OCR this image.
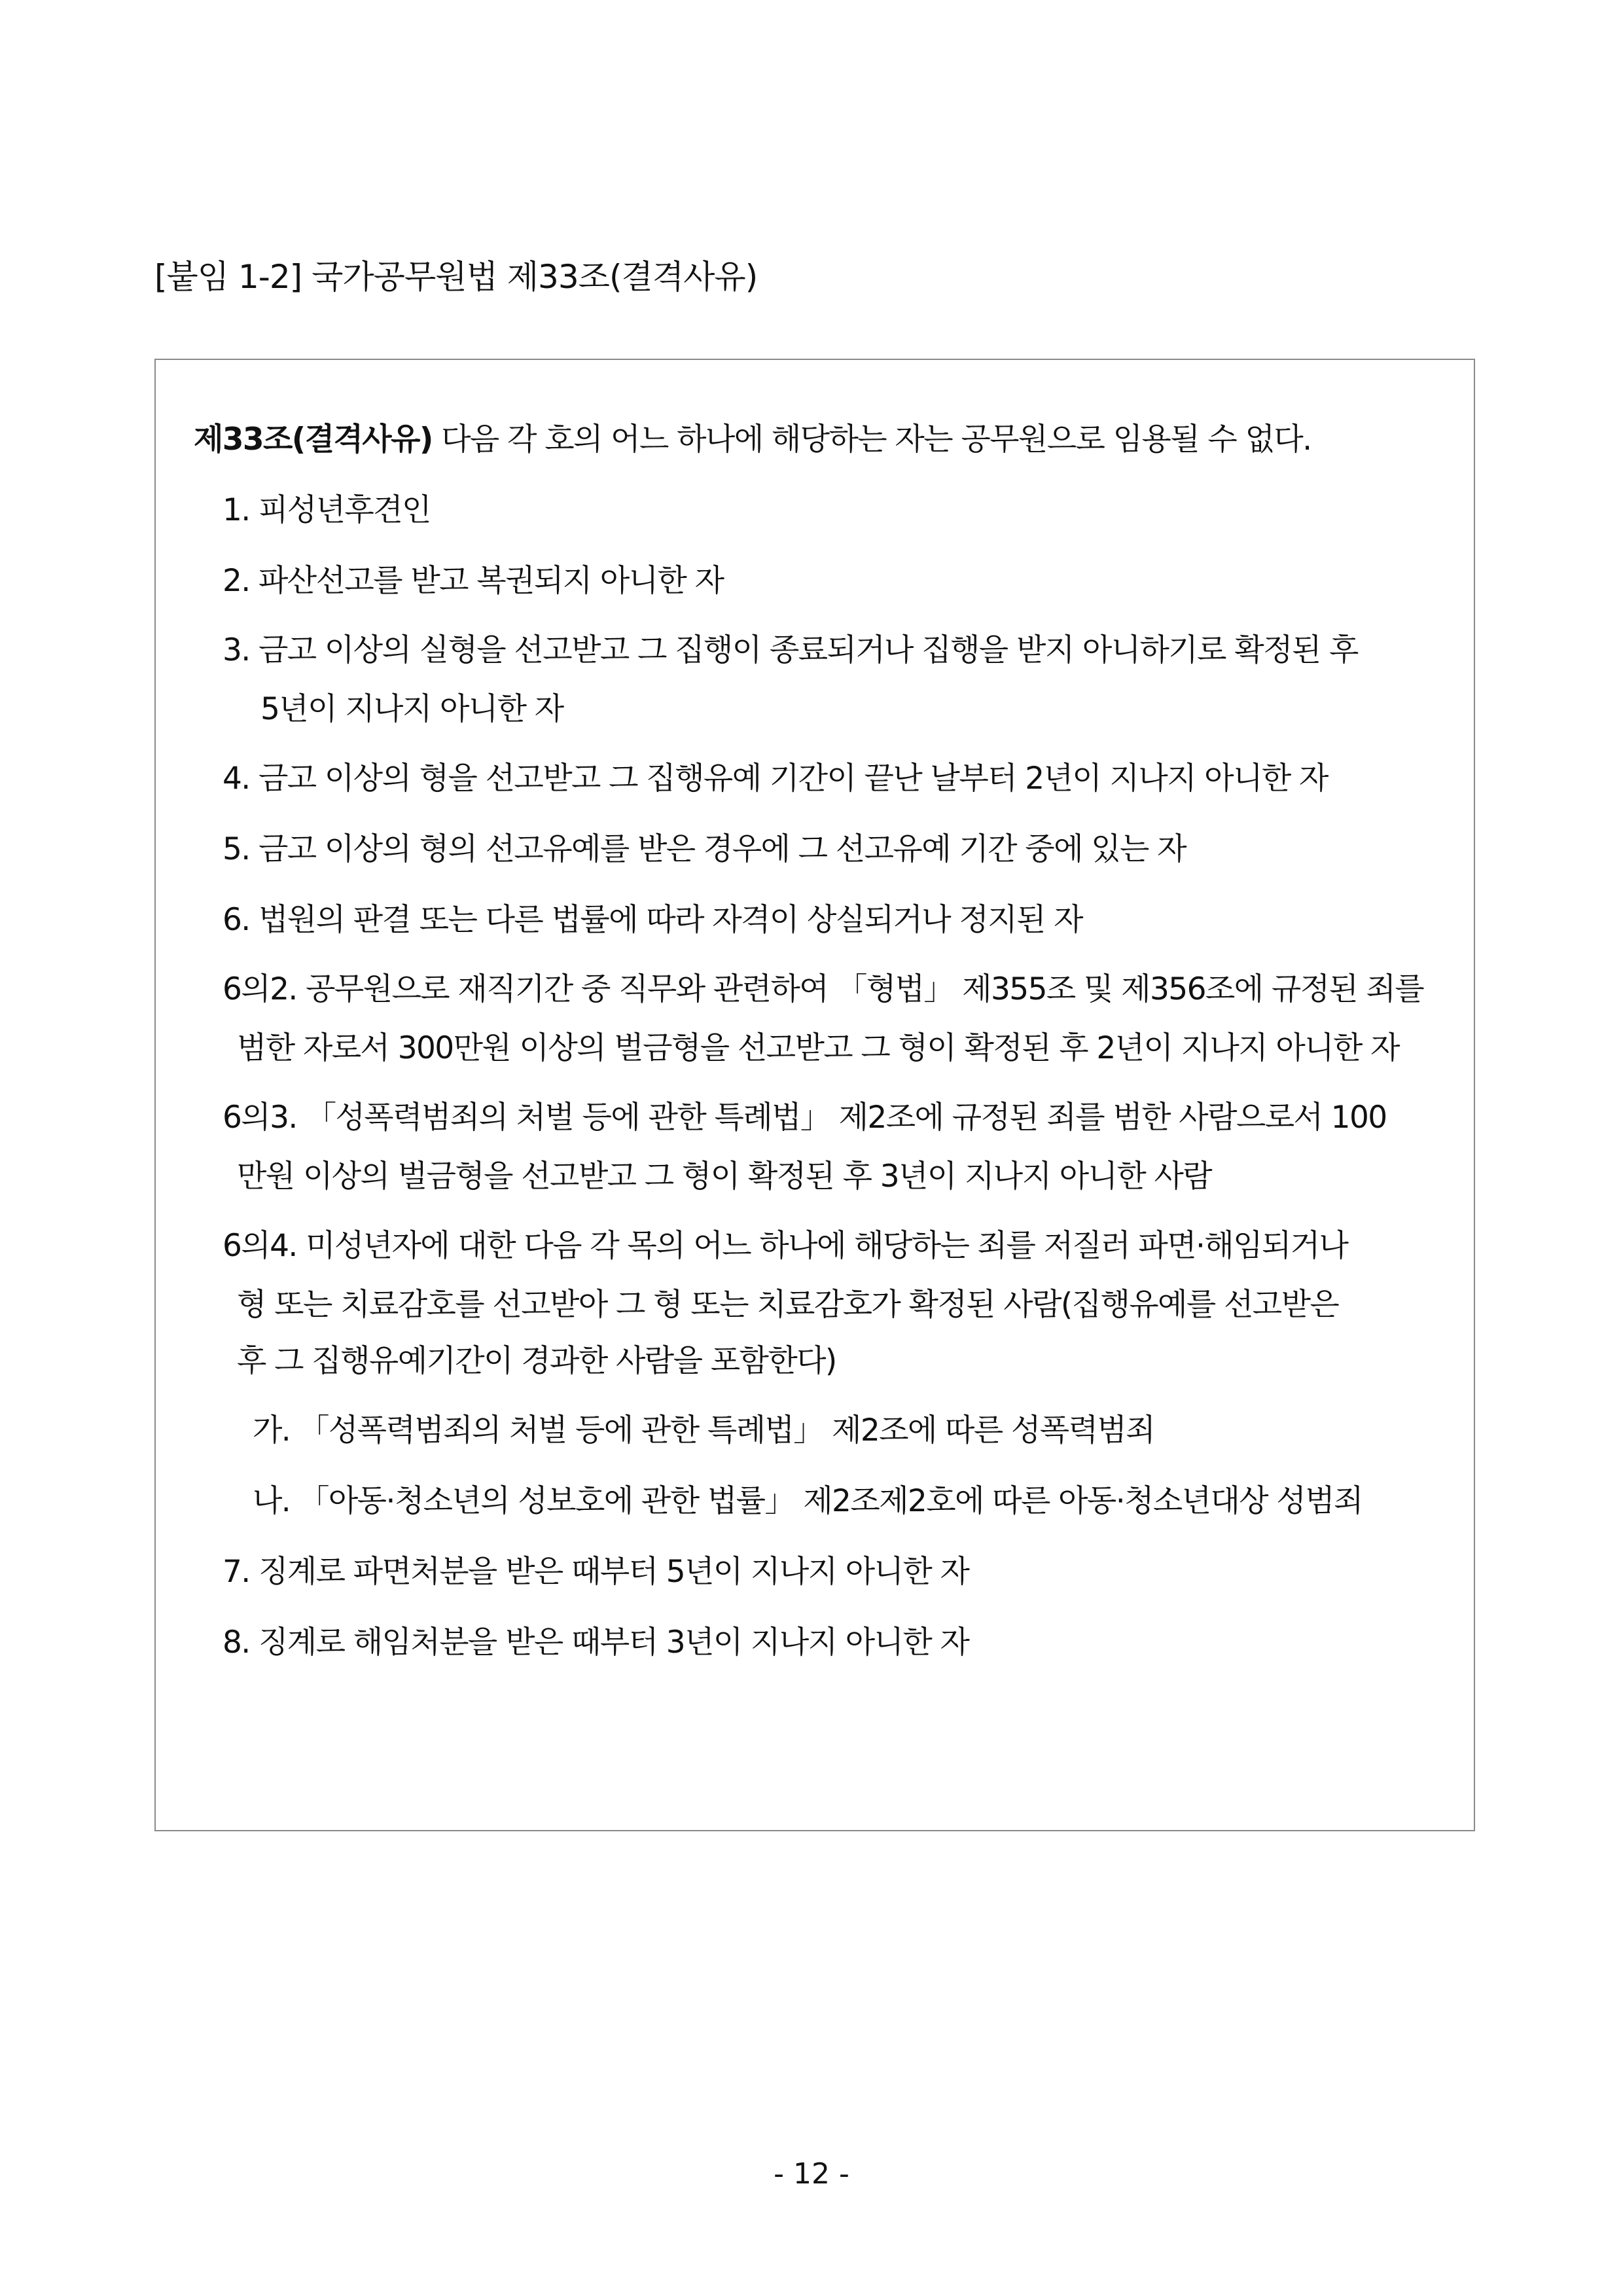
[붙임 1-2] 국가공무원법 제33조(결격사유)
제33조(결격사유) 다음 각 호의 어느 하나에 해당하는 자는 공무원으로 임용될 수 없다.
1. 피성년후견인
2. 파산선고를 받고 복권되지 아니한 자
3. 금고 이상의 실형을 선고받고 그 집행이 종료되거나 집행을 받지 아니하기로 확정된 후
5년이 지나지 아니한 자
4. 금고 이상의 형을 선고받고 그 집행유예 기간이 끝난 날부터 2년이 지나지 아니한 자
5. 금고 이상의 형의 선고유예를 받은 경우에 그 선고유예 기간 중에 있는 자
6. 법원의 판결 또는 다른 법률에 따라 자격이 상실되거나 정지된 자
6의2. 공무원으로 재직기간 중 직무와 관련하여 「형법」 제355조 및 제356조에 규정된 죄를
범한 자로서 300만원 이상의 벌금형을 선고받고 그 형이 확정된 후 2년이 지나지 아니한 자
6의3. 「성폭력범죄의 처벌 등에 관한 특례법」 제2조에 규정된 죄를 범한 사람으로서 100
만원 이상의 벌금형을 선고받고 그 형이 확정된 후 3년이 지나지 아니한 사람
6의4. 미성년자에 대한 다음 각 목의 어느 하나에 해당하는 죄를 저질러 파면·해임되거나
형 또는 치료감호를 선고받아 그 형 또는 치료감호가 확정된 사람(집행유예를 선고받은
후 그 집행유예기간이 경과한 사람을 포함한다)
가. 「성폭력범죄의 처벌 등에 관한 특례법」 제2조에 따른 성폭력범죄
나. 「아동·청소년의 성보호에 관한 법률」 제2조제2호에 따른 아동·청소년대상 성범죄
7. 징계로 파면처분을 받은 때부터 5년이 지나지 아니한 자
8. 징계로 해임처분을 받은 때부터 3년이 지나지 아니한 자
- 12 -
